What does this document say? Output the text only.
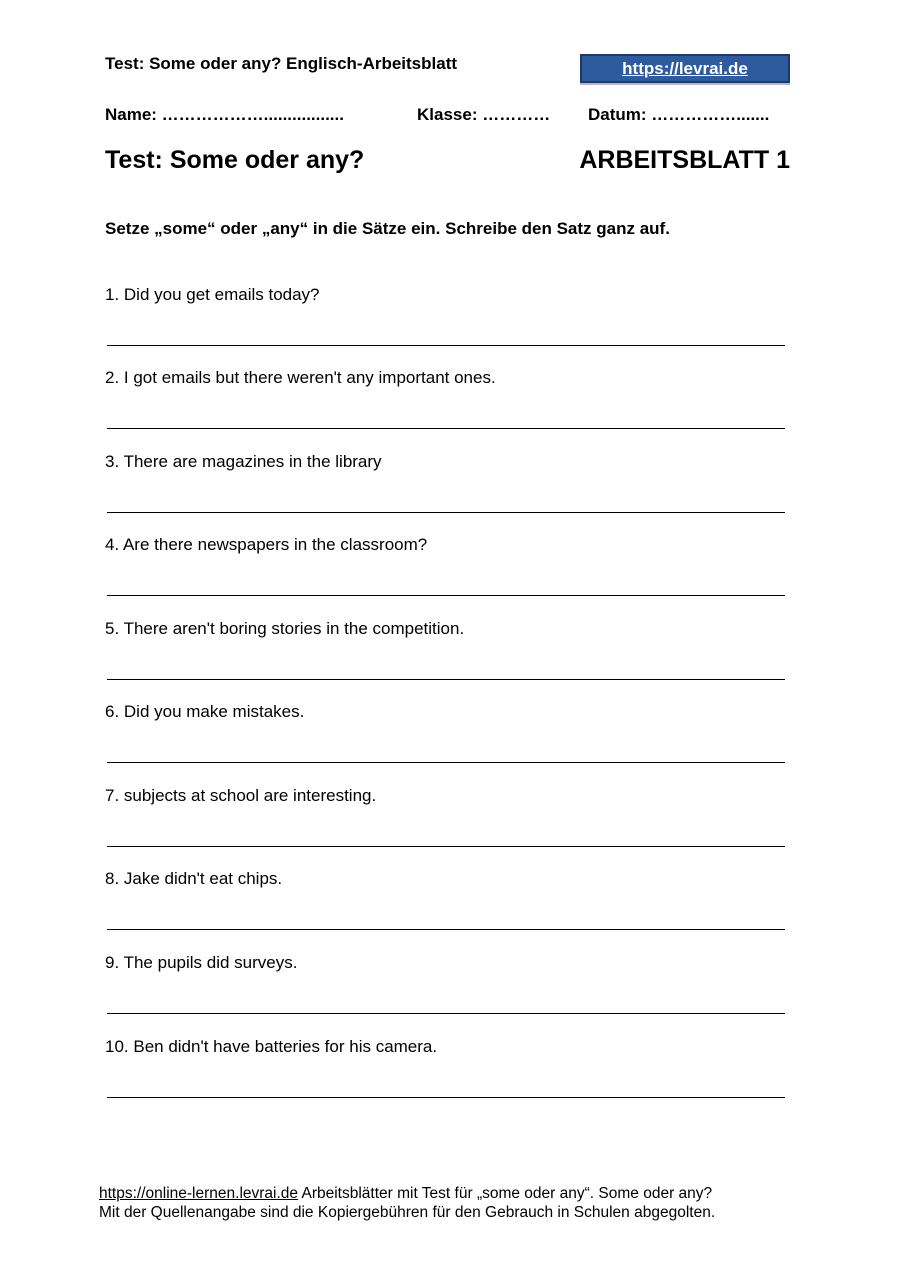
Test: Some oder any? Englisch-Arbeitsblatt	https://levrai.de
Name: ……………….................	Klasse: ………… Datum: …………….......
Test: Some oder any?	ARBEITSBLATT 1
Setze „some“ oder „any“ in die Sätze ein. Schreibe den Satz ganz auf.
1. Did you get emails today?
2. I got emails but there weren't any important ones.
3. There are magazines in the library
4. Are there newspapers in the classroom?
5. There aren't boring stories in the competition.
6. Did you make mistakes.
7. subjects at school are interesting.
8. Jake didn't eat chips.
9. The pupils did surveys.
10. Ben didn't have batteries for his camera.
https://online-lernen.levrai.de Arbeitsblätter mit Test für „some oder any“. Some oder any?
Mit der Quellenangabe sind die Kopiergebühren für den Gebrauch in Schulen abgegolten.
